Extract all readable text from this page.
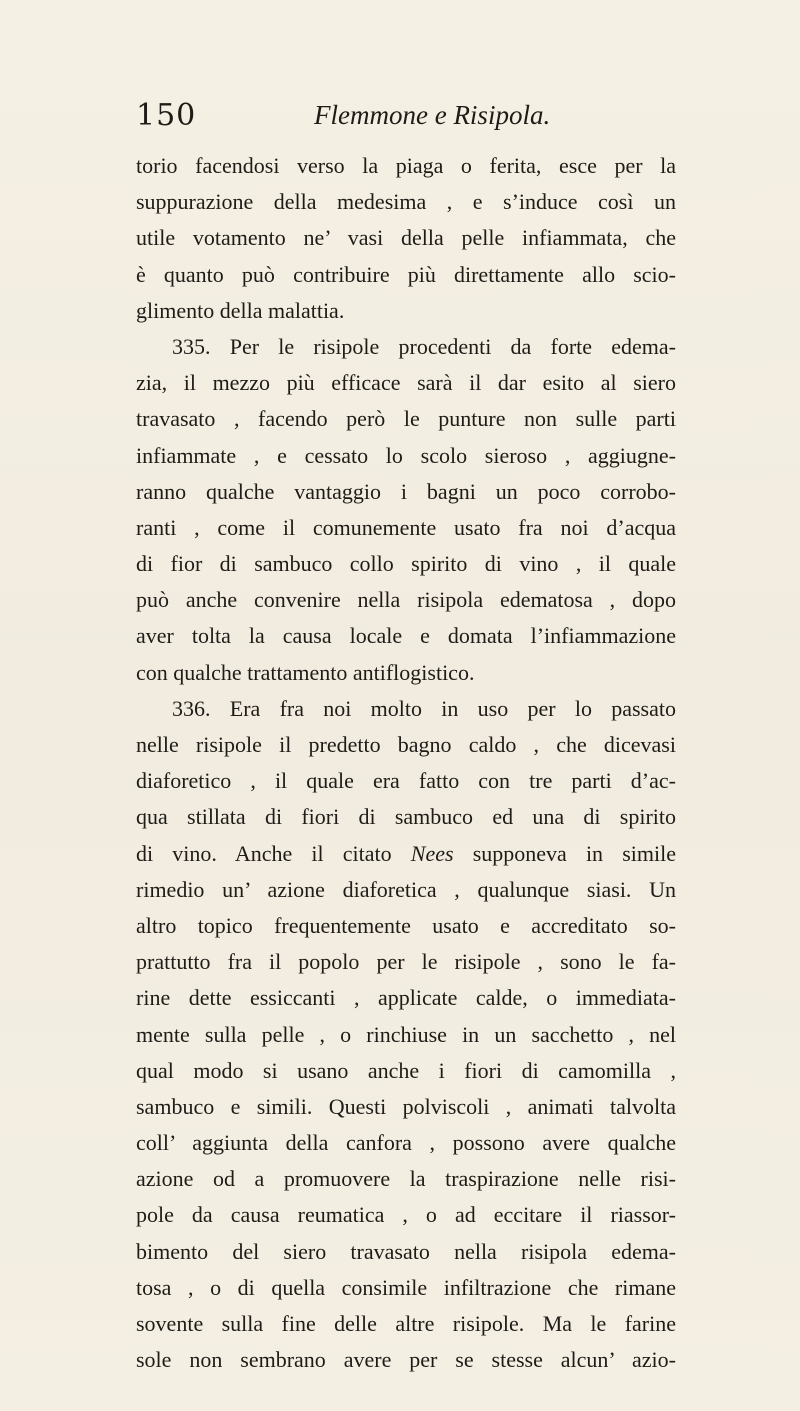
150	Flemmone e Risipola.
torio facendosi verso la piaga o ferita, esce per la
suppurazione della medesima , e s’induce così un
utile votamento ne’ vasi della pelle infiammata, che
è quanto può contribuire più direttamente allo scio-
glimento della malattia.
335. Per le risipole procedenti da forte edema-
zia, il mezzo più efficace sarà il dar esito al siero
travasato , facendo però le punture non sulle parti
infiammate , e cessato lo scolo sieroso , aggiugne-
ranno qualche vantaggio i bagni un poco corrobo-
ranti , come il comunemente usato fra noi d’acqua
di fior di sambuco collo spirito di vino , il quale
può anche convenire nella risipola edematosa , dopo
aver tolta la causa locale e domata l’infiammazione
con qualche trattamento antiflogistico.
336. Era fra noi molto in uso per lo passato
nelle risipole il predetto bagno caldo , che dicevasi
diaforetico , il quale era fatto con tre parti d’ac-
qua stillata di fiori di sambuco ed una di spirito
di vino. Anche il citato Nees supponeva in simile
rimedio un’ azione diaforetica , qualunque siasi. Un
altro topico frequentemente usato e accreditato so-
prattutto fra il popolo per le risipole , sono le fa-
rine dette essiccanti , applicate calde, o immediata-
mente sulla pelle , o rinchiuse in un sacchetto , nel
qual modo si usano anche i fiori di camomilla ,
sambuco e simili. Questi polviscoli , animati talvolta
coll’ aggiunta della canfora , possono avere qualche
azione od a promuovere la traspirazione nelle risi-
pole da causa reumatica , o ad eccitare il riassor-
bimento del siero travasato nella risipola edema-
tosa , o di quella consimile infiltrazione che rimane
sovente sulla fine delle altre risipole. Ma le farine
sole non sembrano avere per se stesse alcun’ azio-
